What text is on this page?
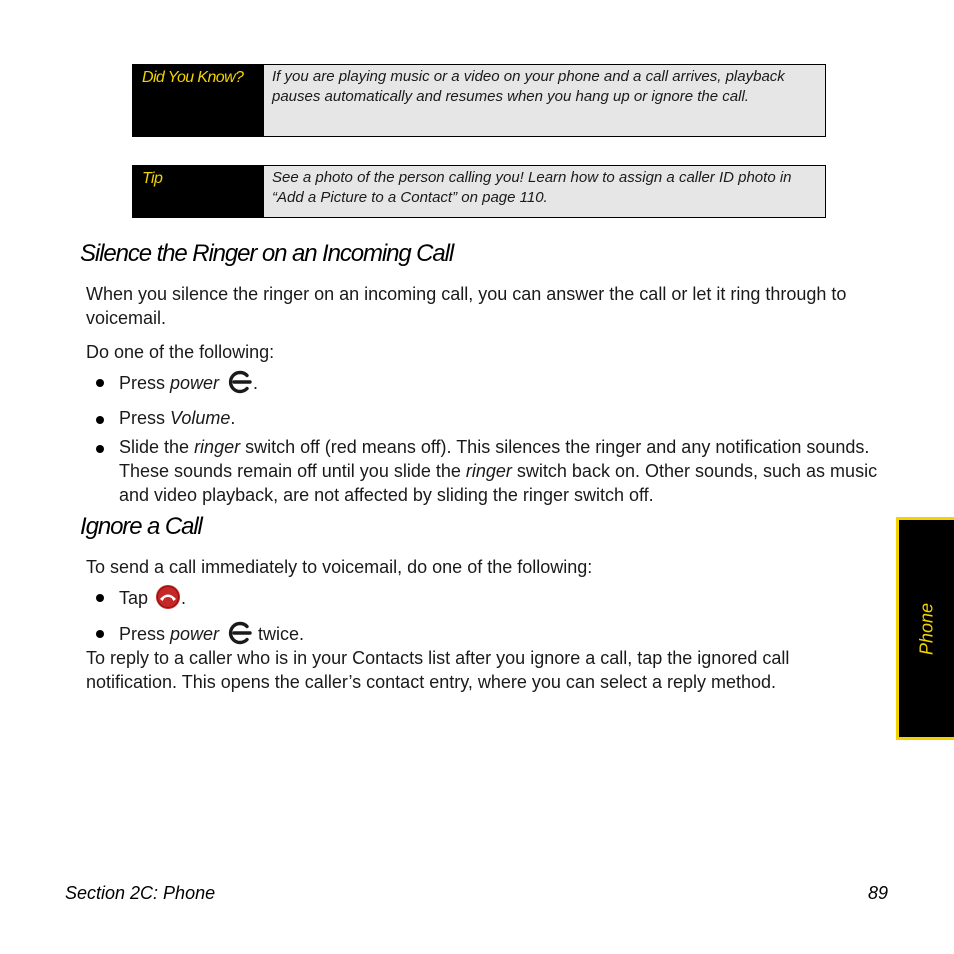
Did You Know?	If you are playing music or a video on your phone and a call arrives, playback pauses automatically and resumes when you hang up or ignore the call.
Tip	See a photo of the person calling you! Learn how to assign a caller ID photo in “Add a Picture to a Contact” on page 110.
Silence the Ringer on an Incoming Call

When you silence the ringer on an incoming call, you can answer the call or let it ring through to voicemail.

Do one of the following:

Press power .
Press Volume.
Slide the ringer switch off (red means off). This silences the ringer and any notification sounds. These sounds remain off until you slide the ringer switch back on. Other sounds, such as music and video playback, are not affected by sliding the ringer switch off.
Ignore a Call

To send a call immediately to voicemail, do one of the following:

Tap .
Press power twice.

To reply to a caller who is in your Contacts list after you ignore a call, tap the ignored call notification. This opens the caller’s contact entry, where you can select a reply method.

Phone
Section 2C: Phone	89
